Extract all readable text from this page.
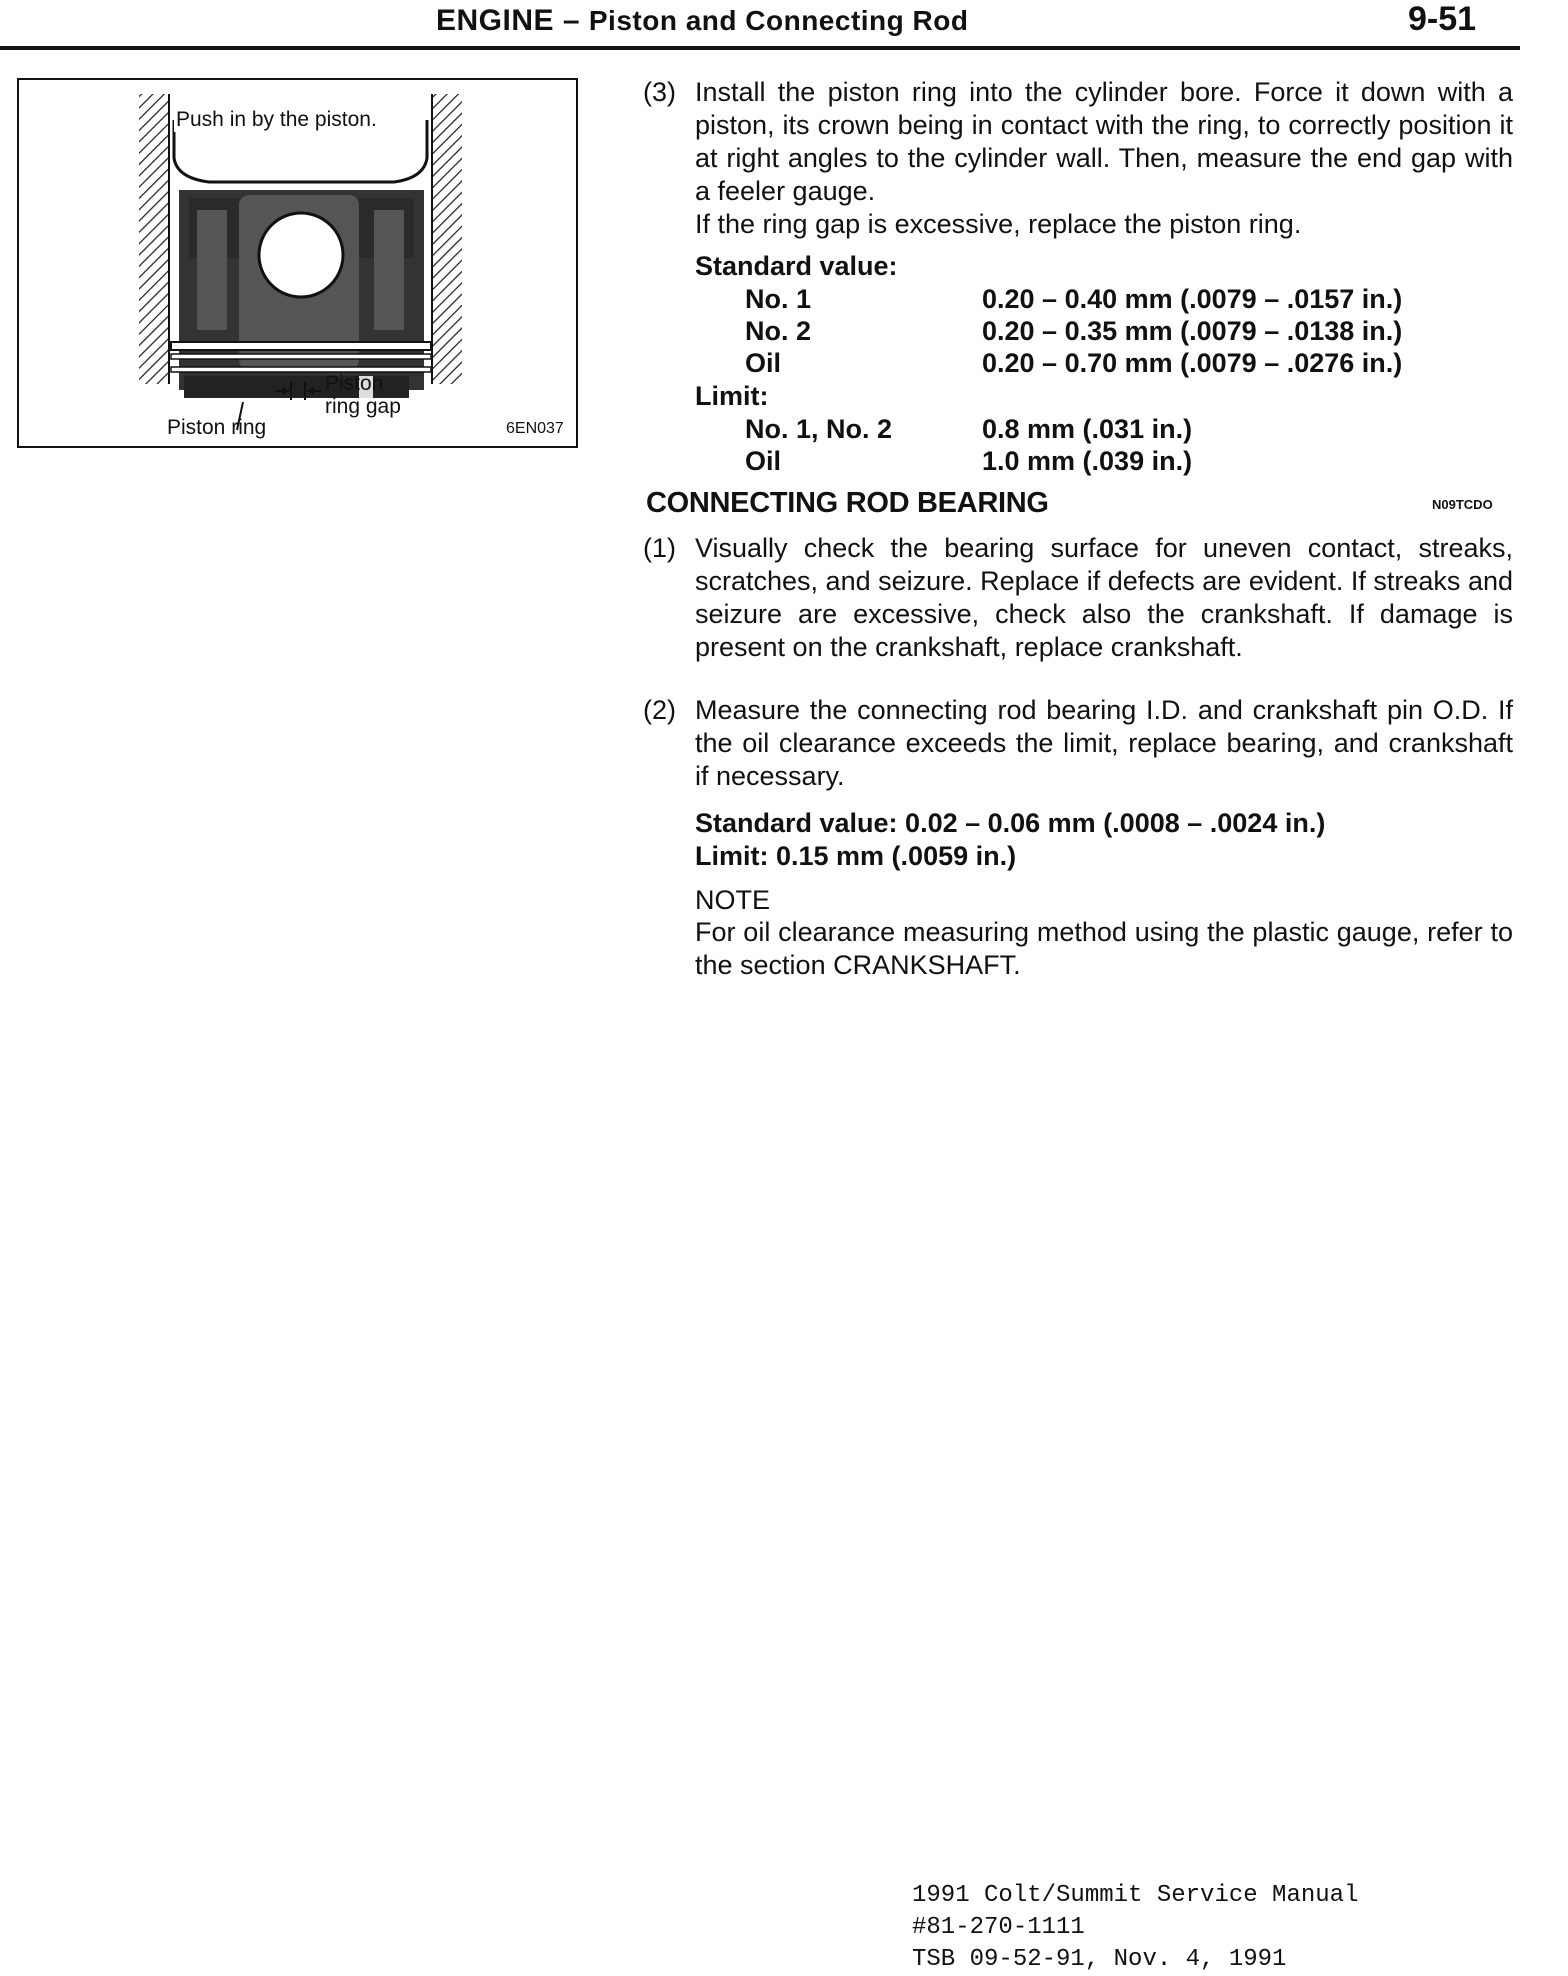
ENGINE – Piston and Connecting Rod	9-51
Push in by the piston.
Piston
ring gap
Piston ring	6EN037
(3) Install the piston ring into the cylinder bore. Force it down with a piston, its crown being in contact with the ring, to correctly position it at right angles to the cylinder wall. Then, measure the end gap with a feeler gauge.
If the ring gap is excessive, replace the piston ring.
Standard value:
No. 1	0.20 – 0.40 mm (.0079 – .0157 in.)
No. 2	0.20 – 0.35 mm (.0079 – .0138 in.)
Oil	0.20 – 0.70 mm (.0079 – .0276 in.)
Limit:
No. 1, No. 2	0.8 mm (.031 in.)
Oil	1.0 mm (.039 in.)
CONNECTING ROD BEARING	N09TCDO
(1) Visually check the bearing surface for uneven contact, streaks, scratches, and seizure. Replace if defects are evident. If streaks and seizure are excessive, check also the crankshaft. If damage is present on the crankshaft, replace crankshaft.
(2) Measure the connecting rod bearing I.D. and crankshaft pin O.D. If the oil clearance exceeds the limit, replace bearing, and crankshaft if necessary.
Standard value: 0.02 – 0.06 mm (.0008 – .0024 in.)
Limit: 0.15 mm (.0059 in.)
NOTE
For oil clearance measuring method using the plastic gauge, refer to the section CRANKSHAFT.
1991 Colt/Summit Service Manual
#81-270-1111
TSB 09-52-91, Nov. 4, 1991
